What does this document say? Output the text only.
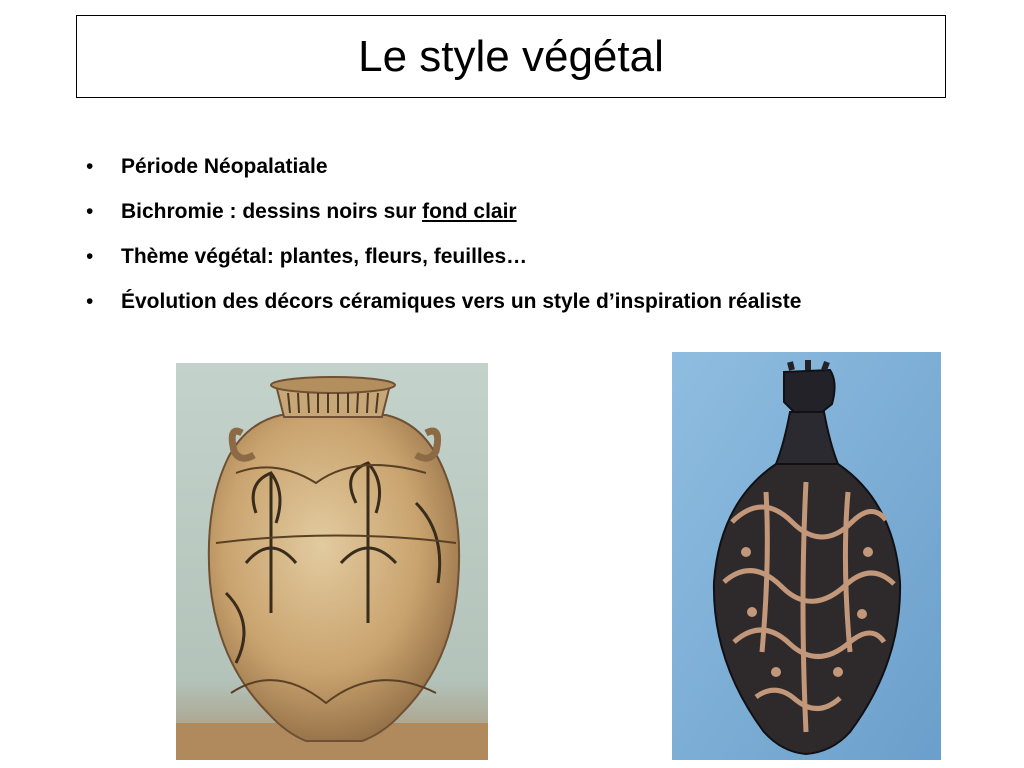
Le style végétal
• Période Néopalatiale
• Bichromie : dessins noirs sur fond clair
• Thème végétal: plantes, fleurs, feuilles…
• Évolution des décors céramiques vers un style d’inspiration réaliste
